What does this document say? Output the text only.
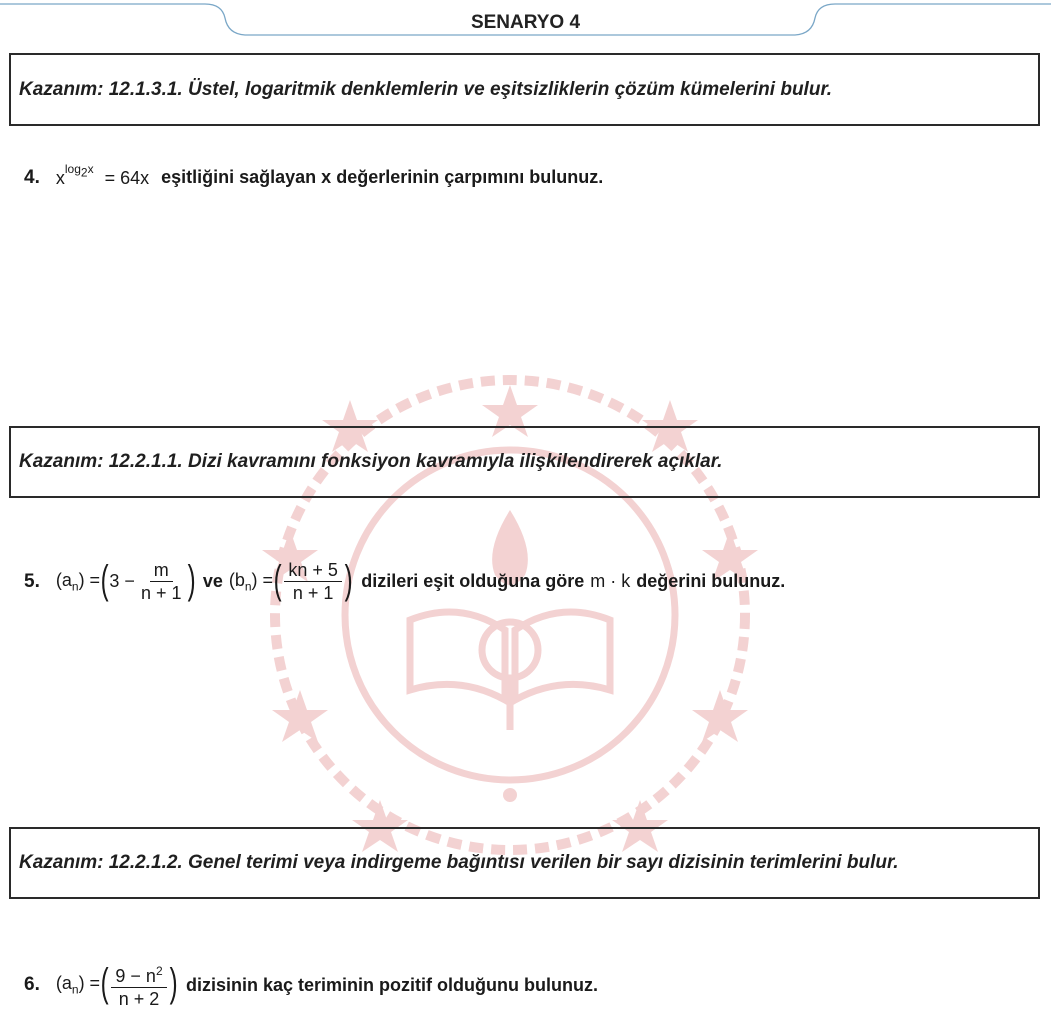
SENARYO 4
Kazanım: 12.1.3.1. Üstel, logaritmik denklemlerin ve eşitsizliklerin çözüm kümelerini bulur.
4. $x^{log_2x} = 64x$ eşitliğini sağlayan x değerlerinin çarpımını bulunuz.
Kazanım: 12.2.1.1. Dizi kavramını fonksiyon kavramıyla ilişkilendirerek açıklar.
5. $(a_n)$ = ( $3 - \frac{m}{n + 1}$ ) ve $(b_n)$ = ( $\frac{kn + 5}{n + 1}$ ) dizileri eşit olduğuna göre m · k değerini bulunuz.
Kazanım: 12.2.1.2. Genel terimi veya indirgeme bağıntısı verilen bir sayı dizisinin terimlerini bulur.
6. $(a_n)$ = ( $\frac{9 - n^2}{n + 2}$ ) dizisinin kaç teriminin pozitif olduğunu bulunuz.
